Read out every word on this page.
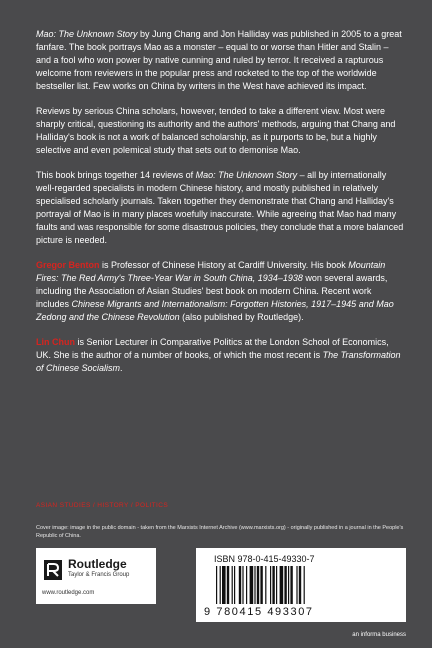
Mao: The Unknown Story by Jung Chang and Jon Halliday was published in 2005 to a great fanfare. The book portrays Mao as a monster – equal to or worse than Hitler and Stalin – and a fool who won power by native cunning and ruled by terror. It received a rapturous welcome from reviewers in the popular press and rocketed to the top of the worldwide bestseller list. Few works on China by writers in the West have achieved its impact.

Reviews by serious China scholars, however, tended to take a different view. Most were sharply critical, questioning its authority and the authors' methods, arguing that Chang and Halliday's book is not a work of balanced scholarship, as it purports to be, but a highly selective and even polemical study that sets out to demonise Mao.

This book brings together 14 reviews of Mao: The Unknown Story – all by internationally well-regarded specialists in modern Chinese history, and mostly published in relatively specialised scholarly journals. Taken together they demonstrate that Chang and Halliday's portrayal of Mao is in many places woefully inaccurate. While agreeing that Mao had many faults and was responsible for some disastrous policies, they conclude that a more balanced picture is needed.

Gregor Benton is Professor of Chinese History at Cardiff University. His book Mountain Fires: The Red Army's Three-Year War in South China, 1934–1938 won several awards, including the Association of Asian Studies' best book on modern China. Recent work includes Chinese Migrants and Internationalism: Forgotten Histories, 1917–1945 and Mao Zedong and the Chinese Revolution (also published by Routledge).

Lin Chun is Senior Lecturer in Comparative Politics at the London School of Economics, UK. She is the author of a number of books, of which the most recent is The Transformation of Chinese Socialism.

ASIAN STUDIES / HISTORY / POLITICS
Cover image: image in the public domain - taken from the Marxists Internet Archive (www.marxists.org) - originally published in a journal in the People's Republic of China.
Routledge
Taylor & Francis Group
www.routledge.com
ISBN 978-0-415-49330-7
9 780415 493307
an informa business
